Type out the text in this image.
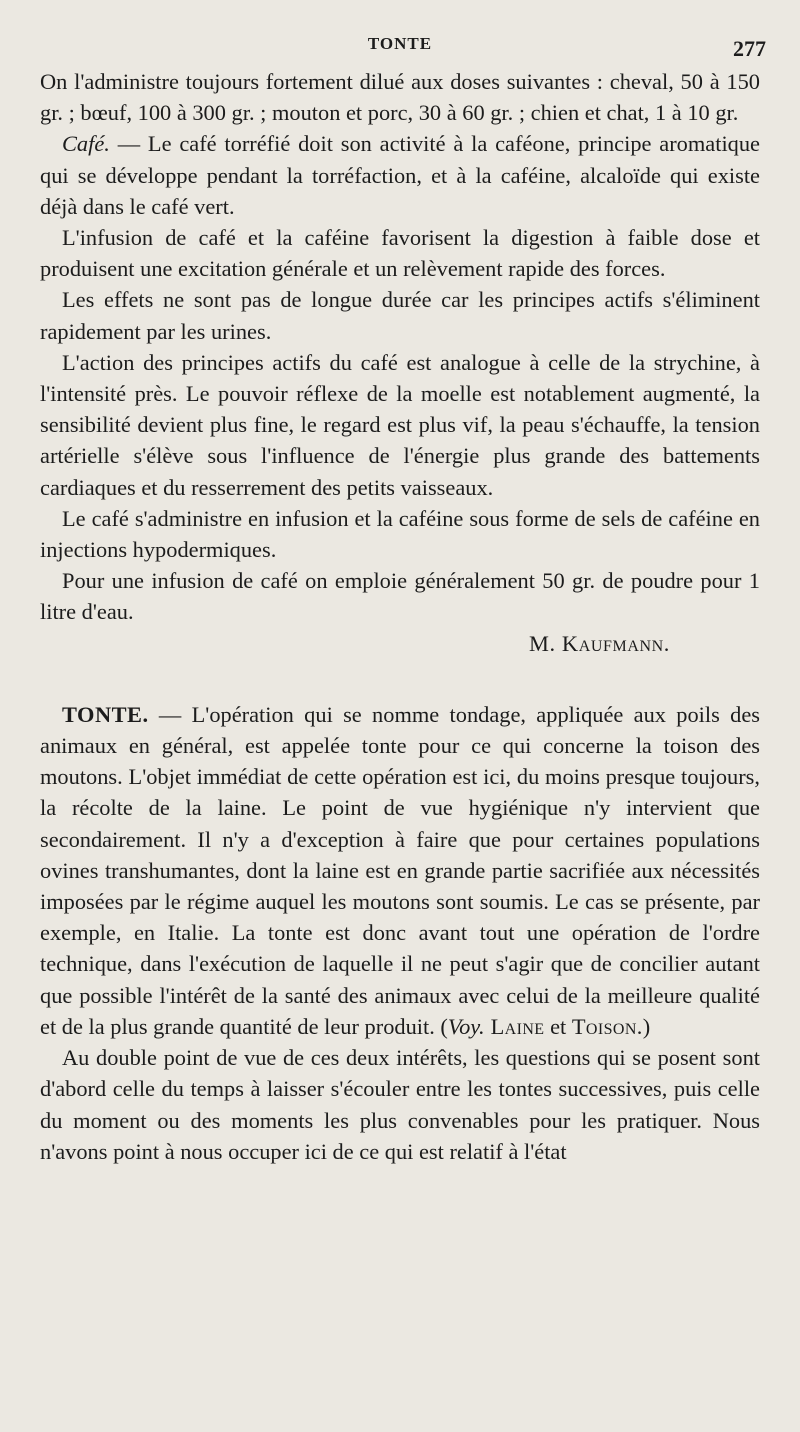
TONTE	277

On l'administre toujours fortement dilué aux doses suivantes : cheval, 50 à 150 gr. ; bœuf, 100 à 300 gr. ; mouton et porc, 30 à 60 gr. ; chien et chat, 1 à 10 gr.

Café. — Le café torréfié doit son activité à la caféone, principe aromatique qui se développe pendant la torréfaction, et à la caféine, alcaloïde qui existe déjà dans le café vert.

L'infusion de café et la caféine favorisent la digestion à faible dose et produisent une excitation générale et un relèvement rapide des forces.

Les effets ne sont pas de longue durée car les principes actifs s'éliminent rapidement par les urines.

L'action des principes actifs du café est analogue à celle de la strychine, à l'intensité près. Le pouvoir réflexe de la moelle est notablement augmenté, la sensibilité devient plus fine, le regard est plus vif, la peau s'échauffe, la tension artérielle s'élève sous l'influence de l'énergie plus grande des battements cardiaques et du resserrement des petits vaisseaux.

Le café s'administre en infusion et la caféine sous forme de sels de caféine en injections hypodermiques.

Pour une infusion de café on emploie généralement 50 gr. de poudre pour 1 litre d'eau.

M. Kaufmann.

TONTE. — L'opération qui se nomme tondage, appliquée aux poils des animaux en général, est appelée tonte pour ce qui concerne la toison des moutons. L'objet immédiat de cette opération est ici, du moins presque toujours, la récolte de la laine. Le point de vue hygiénique n'y intervient que secondairement. Il n'y a d'exception à faire que pour certaines populations ovines transhumantes, dont la laine est en grande partie sacrifiée aux nécessités imposées par le régime auquel les moutons sont soumis. Le cas se présente, par exemple, en Italie. La tonte est donc avant tout une opération de l'ordre technique, dans l'exécution de laquelle il ne peut s'agir que de concilier autant que possible l'intérêt de la santé des animaux avec celui de la meilleure qualité et de la plus grande quantité de leur produit. (Voy. Laine et Toison.)

Au double point de vue de ces deux intérêts, les questions qui se posent sont d'abord celle du temps à laisser s'écouler entre les tontes successives, puis celle du moment ou des moments les plus convenables pour les pratiquer. Nous n'avons point à nous occuper ici de ce qui est relatif à l'état
